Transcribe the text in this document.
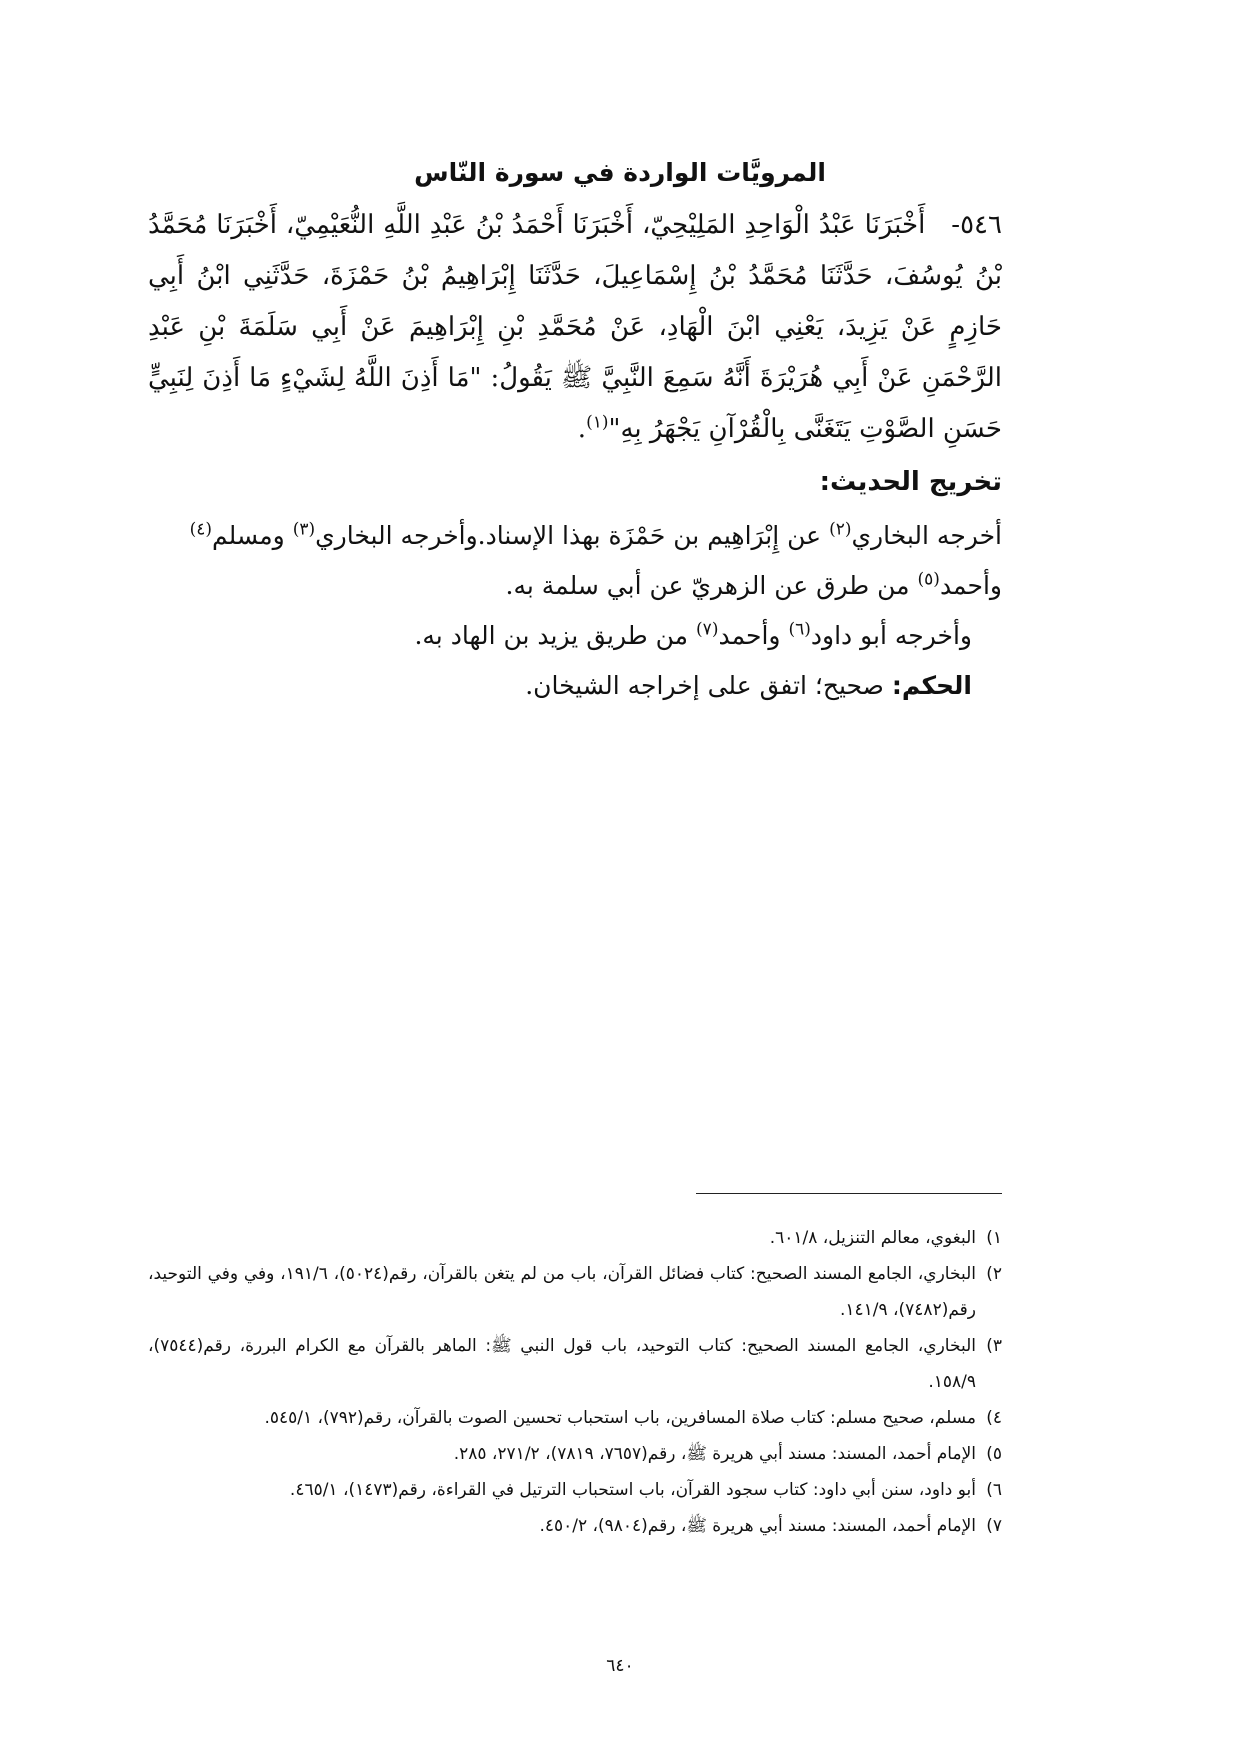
المرويَّات الواردة في سورة النّاس

٥٤٦-أَخْبَرَنَا عَبْدُ الْوَاحِدِ المَلِيْحِيّ، أَخْبَرَنَا أَحْمَدُ بْنُ عَبْدِ اللَّهِ النُّعَيْمِيّ، أَخْبَرَنَا مُحَمَّدُ بْنُ يُوسُفَ، حَدَّثَنَا مُحَمَّدُ بْنُ إِسْمَاعِيلَ، حَدَّثَنَا إِبْرَاهِيمُ بْنُ حَمْزَةَ، حَدَّثَنِي ابْنُ أَبِي حَازِمٍ عَنْ يَزِيدَ، يَعْنِي ابْنَ الْهَادِ، عَنْ مُحَمَّدِ بْنِ إِبْرَاهِيمَ عَنْ أَبِي سَلَمَةَ بْنِ عَبْدِ الرَّحْمَنِ عَنْ أَبِي هُرَيْرَةَ أَنَّهُ سَمِعَ النَّبِيَّ ﷺ يَقُولُ: "مَا أَذِنَ اللَّهُ لِشَيْءٍ مَا أَذِنَ لِنَبِيٍّ حَسَنِ الصَّوْتِ يَتَغَنَّى بِالْقُرْآنِ يَجْهَرُ بِهِ"$^{(١)}$.

تخريج الحديث:

أخرجه البخاري$^{(٢)}$ عن إِبْرَاهِيم بن حَمْزَة بهذا الإسناد.وأخرجه البخاري$^{(٣)}$ ومسلم$^{(٤)}$ وأحمد$^{(٥)}$ من طرق عن الزهريّ عن أبي سلمة به.

وأخرجه أبو داود$^{(٦)}$ وأحمد$^{(٧)}$ من طريق يزيد بن الهاد به.

الحكم: صحيح؛ اتفق على إخراجه الشيخان.

١)البغوي، معالم التنزيل، ٦٠١/٨.

٢)البخاري، الجامع المسند الصحيح: كتاب فضائل القرآن، باب من لم يتغن بالقرآن، رقم(٥٠٢٤)، ١٩١/٦، وفي وفي التوحيد، رقم(٧٤٨٢)، ١٤١/٩.

٣)البخاري، الجامع المسند الصحيح: كتاب التوحيد، باب قول النبي ﷺ: الماهر بالقرآن مع الكرام البررة، رقم(٧٥٤٤)، ١٥٨/٩.

٤)مسلم، صحيح مسلم: كتاب صلاة المسافرين، باب استحباب تحسين الصوت بالقرآن، رقم(٧٩٢)، ٥٤٥/١.

٥)الإمام أحمد، المسند: مسند أبي هريرة ﷺ، رقم(٧٦٥٧، ٧٨١٩)، ٢٧١/٢، ٢٨٥.

٦)أبو داود، سنن أبي داود: كتاب سجود القرآن، باب استحباب الترتيل في القراءة، رقم(١٤٧٣)، ٤٦٥/١.

٧)الإمام أحمد، المسند: مسند أبي هريرة ﷺ، رقم(٩٨٠٤)، ٤٥٠/٢.

٦٤٠
